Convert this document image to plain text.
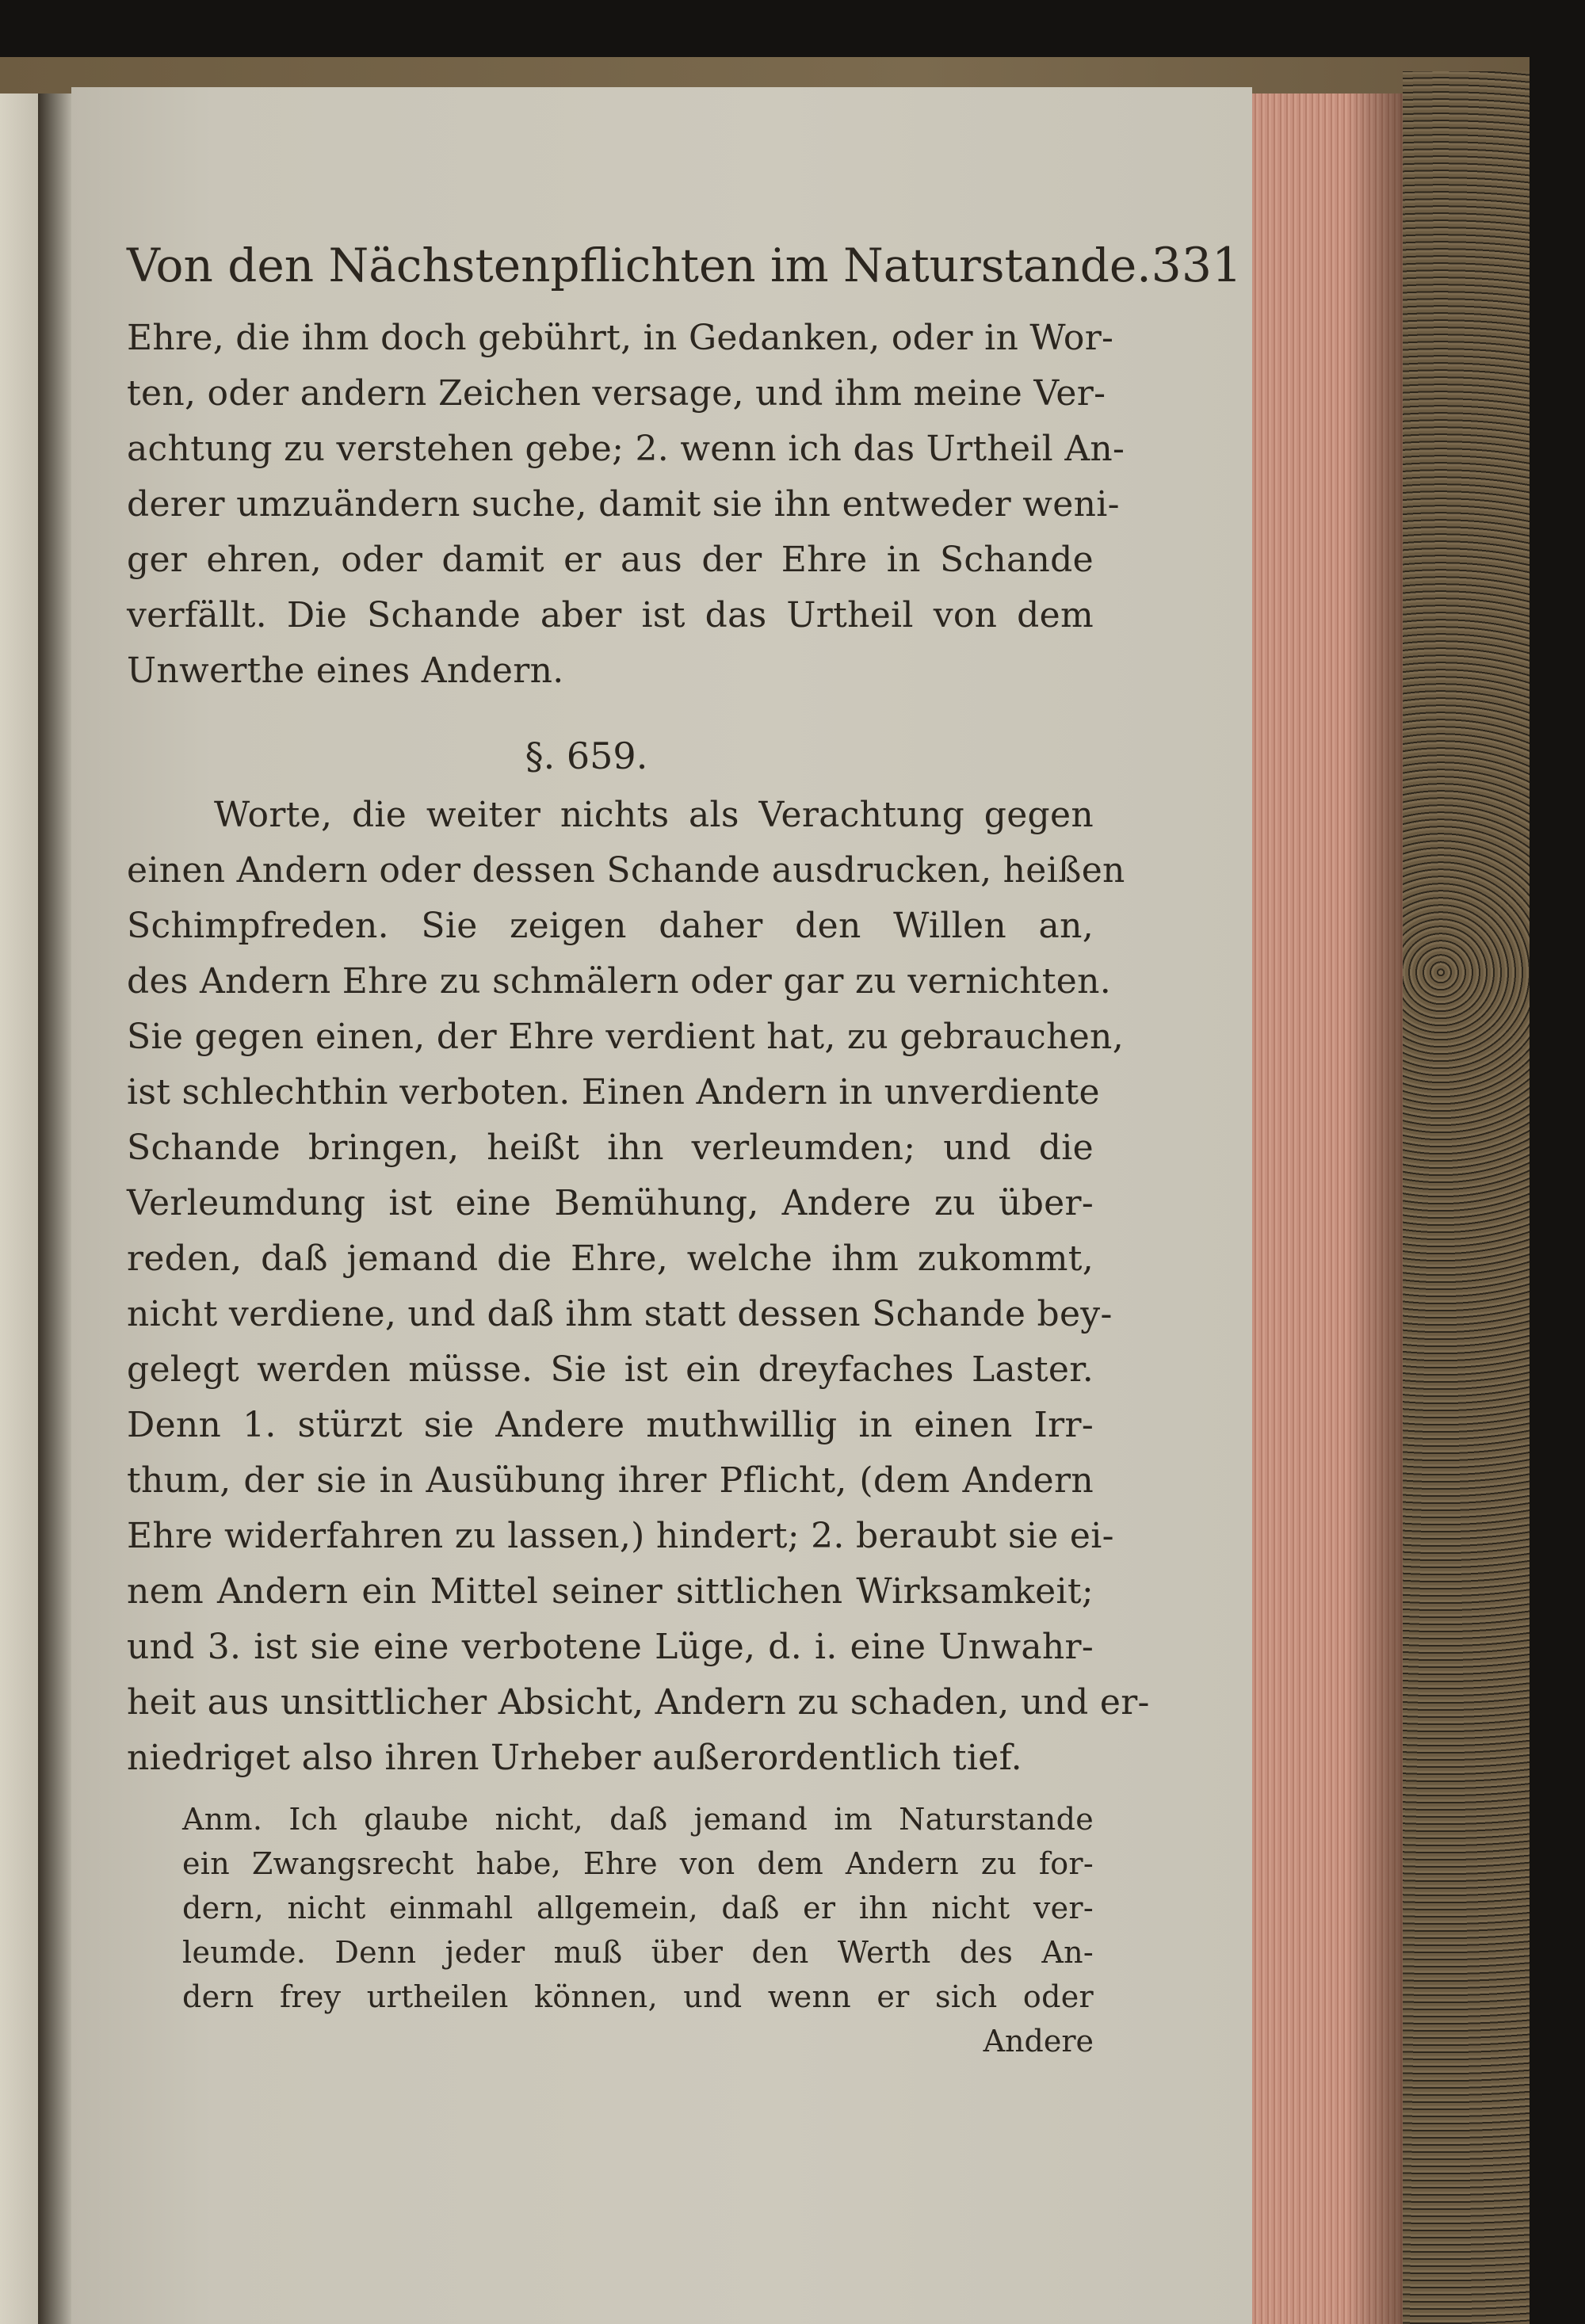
Von den Nächstenpflichten im Naturstande. 331
Ehre, die ihm doch gebührt, in Gedanken, oder in Wor-
ten, oder andern Zeichen versage, und ihm meine Ver-
achtung zu verstehen gebe; 2. wenn ich das Urtheil An-
derer umzuändern suche, damit sie ihn entweder weni-
ger ehren, oder damit er aus der Ehre in Schande
verfällt. Die Schande aber ist das Urtheil von dem
Unwerthe eines Andern.
§. 659.
Worte, die weiter nichts als Verachtung gegen
einen Andern oder dessen Schande ausdrucken, heißen
Schimpfreden. Sie zeigen daher den Willen an,
des Andern Ehre zu schmälern oder gar zu vernichten.
Sie gegen einen, der Ehre verdient hat, zu gebrauchen,
ist schlechthin verboten. Einen Andern in unverdiente
Schande bringen, heißt ihn verleumden; und die
Verleumdung ist eine Bemühung, Andere zu über-
reden, daß jemand die Ehre, welche ihm zukommt,
nicht verdiene, und daß ihm statt dessen Schande bey-
gelegt werden müsse. Sie ist ein dreyfaches Laster.
Denn 1. stürzt sie Andere muthwillig in einen Irr-
thum, der sie in Ausübung ihrer Pflicht, (dem Andern
Ehre widerfahren zu lassen,) hindert; 2. beraubt sie ei-
nem Andern ein Mittel seiner sittlichen Wirksamkeit;
und 3. ist sie eine verbotene Lüge, d. i. eine Unwahr-
heit aus unsittlicher Absicht, Andern zu schaden, und er-
niedriget also ihren Urheber außerordentlich tief.
Anm. Ich glaube nicht, daß jemand im Naturstande
ein Zwangsrecht habe, Ehre von dem Andern zu for-
dern, nicht einmahl allgemein, daß er ihn nicht ver-
leumde. Denn jeder muß über den Werth des An-
dern frey urtheilen können, und wenn er sich oder
Andere
